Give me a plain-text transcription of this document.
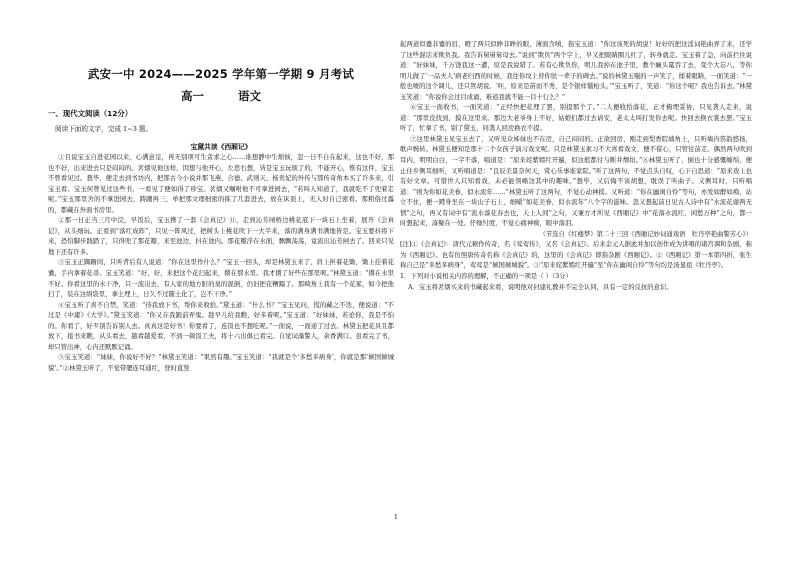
武安一中 2024——2025 学年第一学期 9 月考试
高一 语文
一、现代文阅读（12分）
阅读下面的文字，完成 1~3 题。
宝黛共读《西厢记》

①且说宝玉自进花园以来，心满意足，再无别项可生贪求之心……谁想静中生烦恼，忽一日不自在起来，这也不好，那也不好，出来进去只是闷闷的。茗烟见他这样，因想与他开心，左思右想，皆是宝玉玩烦了的，不能开心，惟有这件，宝玉不曾看见过。想毕，便走去到书坊内，把那古今小说并那飞燕、合德、武则天、杨贵妃的外传与那传奇角本买了许多来，引宝玉看。宝玉何曾见过这些书，一看见了便如得了珍宝。茗烟又嘱咐他不可拿进园去，“若叫人知道了，我就吃不了兜着走呢。”宝玉那里舍的不拿进园去，踌躇再三，单把那文理细密的拣了几套进去，放在床顶上，无人时自己密看。那粗俗过露的，都藏在外面书房里。

②那一日正当三月中浣，早饭后，宝玉携了一套《会真记》⑪，走到沁芳闸桥边桃花底下一块石上坐着，展开《会真记》，从头细玩。正看到“落红成阵”，只见一阵风过，把树头上桃花吹下一大半来，落的满身满书满地皆是。宝玉要抖将下来，恐怕脚步践踏了，只得兜了那花瓣，来至池边，抖在池内。那花瓣浮在水面，飘飘荡荡，竟流出沁芳闸去了。回来只见地下还有许多。

③宝玉正踟蹰间，只听背后有人说道：“你在这里作什么？”宝玉一回头，却是林黛玉来了，肩上担着花锄，锄上挂着花囊，手内拿着花帚。宝玉笑道：“好，好，来把这个花扫起来，撂在那水里。我才撂了好些在那里呢。”林黛玉道：“撂在水里不好。你看这里的水干净，只一流出去，有人家的地方脏的臭的混倒，仍旧把花糟蹋了。那畸角上我有一个花冢，如今把他扫了，装在这绢袋里，拿土埋上，日久不过随土化了，岂不干净。”

④宝玉听了喜不自禁，笑道：“待我放下书，帮你来收拾。”黛玉道：“什么书？”宝玉见问，慌的藏之不迭，便说道：“不过是《中庸》《大学》。”黛玉笑道：“你又在我跟前弄鬼。趁早儿给我瞧，好多着呢。”宝玉道：“好妹妹，若论你，我是不怕的。你看了，好歹别告诉别人去。真真这是好书！你要看了，连饭也不想吃呢。”一面说，一面递了过去。林黛玉把花具且都放下，接书来瞧，从头看去，越看越爱看，不到一顿饭工夫，将十六出俱已看完。自觉词藻警人，余香满口。虽看完了书，却只管出神，心内还默默记诵。

⑤宝玉笑道：“妹妹，你说好不好？”林黛玉笑道：“果然有趣。”宝玉笑道：“我就是个‘多愁多病身’，你就是那‘倾国倾城貌’。”②林黛玉听了，不觉带腮连耳通红，登时直竖

起两道似蹙非蹙的眉，瞪了两只似睁非睁的眼，薄面含嗔，指宝玉道：“你这该死的胡说！好好的把这淫词艳曲弄了来，还学了这些混话来欺负我。我告诉舅舅舅母去。”说到“欺负”两个字上，早又把眼睛圈儿红了，转身就走。宝玉着了急，向前拦住说道：“好妹妹，千万饶我这一遭，原是我说错了。若有心欺负你，明儿我掉在池子里，教个癞头鼋吞了去，变个大忘八，等你明儿做了‘一品夫人’病老归西的时候，我往你坟上替你驮一辈子的碑去。”说的林黛玉嗤的一声笑了，揉着眼睛，一面笑道：“一般也唬的这个调儿，还只管胡说。‘呸，原来是苗而不秀，是个银样镴枪头。’”宝玉听了，笑道：“你这个呢？我也告诉去。”林黛玉笑道：“你说你会过目成诵，难道我就不能一目十行么？”

⑥宝玉一面收书，一面笑道：“正经快把花埋了罢，别提那个了。”二人便收拾落花，正才掩埋妥协，只见袭人走来，说道：“那里没找到，摸在这里来。那边大老爷身上不好，姑娘们都过去请安，老太太叫打发你去呢。快回去换衣裳去罢。”宝玉听了，忙拿了书，别了黛玉，同袭人回房换衣不提。

⑦这里林黛玉见宝玉去了，又听见众姊妹也不在房，自己闷闷的。正欲回房，刚走到梨香院墙角上，只听墙内笛韵悠扬，歌声婉转。林黛玉便知是那十二个女孩子演习戏文呢。只是林黛玉素习不大喜看戏文，便不留心，只管往前走。偶然两句吹到耳内，明明白白，一字不落，唱道是：“原来姹紫嫣红开遍，似这般都付与断井颓垣。”⑧林黛玉听了，倒也十分感慨缠绵，便止住步侧耳细听，又听唱道是：“良辰美景奈何天，赏心乐事谁家院。”听了这两句，不觉点头自叹，心下自思道：“原来戏上也有好文章。可惜世人只知看戏，未必能领略这其中的趣味。”想毕，又后悔不该胡想，耽误了听曲子。又侧耳时，只听唱道：“则为你如花美眷，似水流年……”林黛玉听了这两句，不觉心动神摇。又听道：“你在幽闺自怜”等句，亦发如醉如痴，站立不住，便一蹲身坐在一块山子石上，细嚼“如花美眷，似水流年”八个字的滋味。忽又想起前日见古人诗中有“水流花谢两无情”之句，再又有词中有“流水落花春去也，天上人间”之句，又兼方才所见《西厢记》中“花落水流红，闲愁万种”之句，都一时想起来，凑聚在一处。仔细忖度，不觉心痛神痴，眼中落泪。

（节选自《红楼梦》第二十三回《西厢记妙词通戏语　牡丹亭艳曲警芳心》）

[注]①《会真记》：唐代元稹作传奇，名《莺莺传》，又名《会真记》。后来金元人据此并加以创作成为讲唱的诸宫调和杂剧，称为《西厢记》。也有仿照唐传奇名称《会真记》的，这里的《会真记》即指杂剧《西厢记》。②《西厢记》第一本第四折，张生称自己是“多愁多病身”，莺莺是“倾国倾城貌”。③“原来姹紫嫣红开遍”至“你在幽闺自怜”等句均是汤显祖《牡丹亭》。

1．下列对小说相关内容的理解，不正确的一项是（ ）（3分）

A．宝玉将茗烟买来的书藏起来看，说明他对封建礼教并不完全认同，具有一定的反抗的意识。

1
